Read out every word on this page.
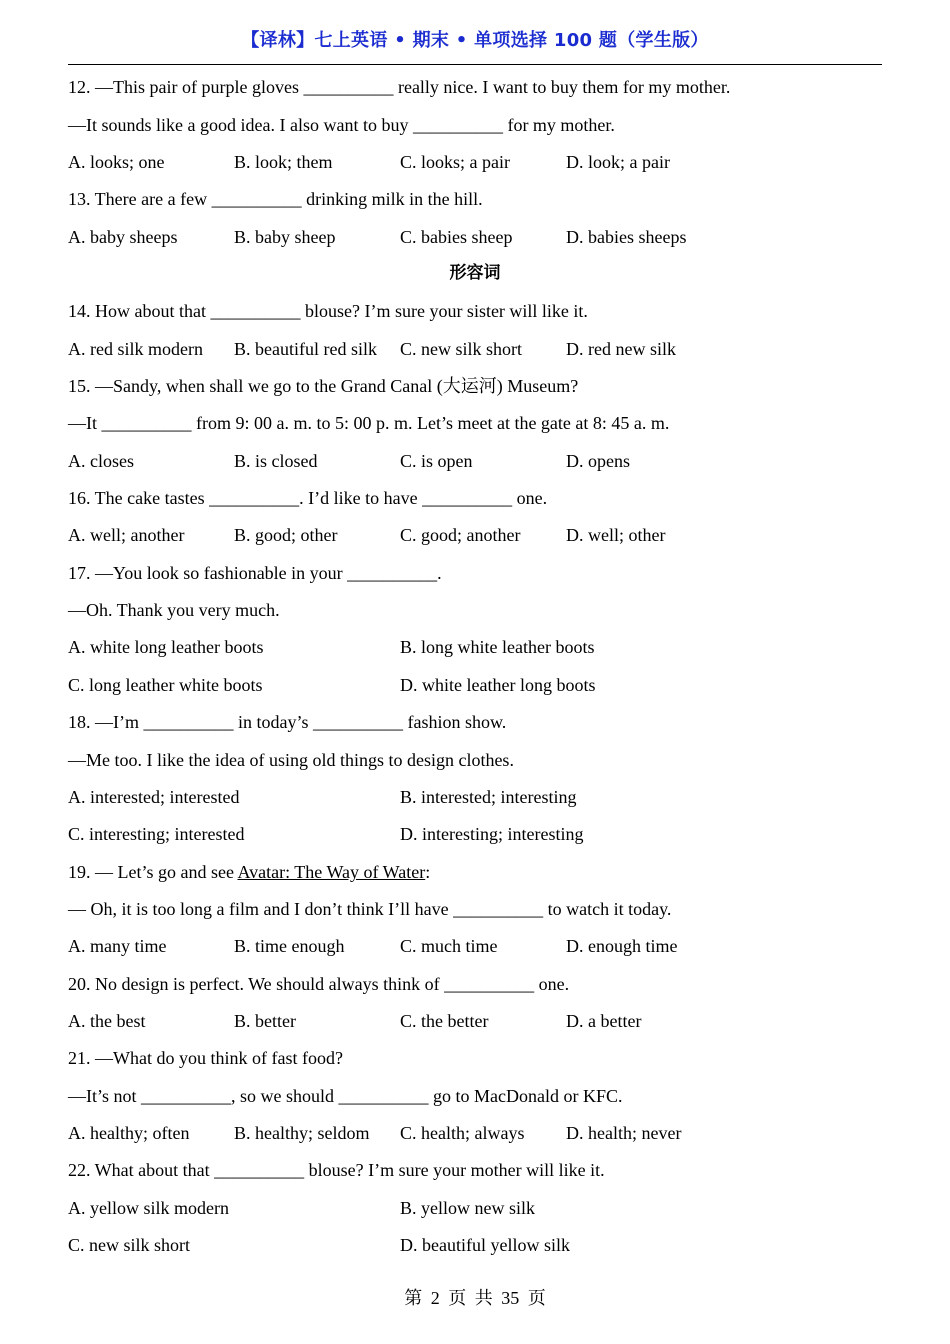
【译林】七上英语 • 期末 • 单项选择 100 题（学生版）
12. —This pair of purple gloves __________ really nice. I want to buy them for my mother.
—It sounds like a good idea. I also want to buy __________ for my mother.
A. looks; one	B. look; them	C. looks; a pair	D. look; a pair
13. There are a few __________ drinking milk in the hill.
A. baby sheeps	B. baby sheep	C. babies sheep	D. babies sheeps
形容词
14. How about that __________ blouse? I’m sure your sister will like it.
A. red silk modern B. beautiful red silk C. new silk short D. red new silk
15. —Sandy, when shall we go to the Grand Canal (大运河) Museum?
—It __________ from 9: 00 a. m. to 5: 00 p. m. Let’s meet at the gate at 8: 45 a. m.
A. closes	B. is closed	C. is open	D. opens
16. The cake tastes __________. I’d like to have __________ one.
A. well; another	B. good; other	C. good; another	D. well; other
17. —You look so fashionable in your __________.
—Oh. Thank you very much.
A. white long leather boots	B. long white leather boots
C. long leather white boots	D. white leather long boots
18. —I’m __________ in today’s __________ fashion show.
—Me too. I like the idea of using old things to design clothes.
A. interested; interested	B. interested; interesting
C. interesting; interested	D. interesting; interesting
19. — Let’s go and see Avatar: The Way of Water:
— Oh, it is too long a film and I don’t think I’ll have __________ to watch it today.
A. many time	B. time enough	C. much time	D. enough time
20. No design is perfect. We should always think of __________ one.
A. the best	B. better	C. the better	D. a better
21. —What do you think of fast food?
—It’s not __________, so we should __________ go to MacDonald or KFC.
A. healthy; often B. healthy; seldom C. health; always D. health; never
22. What about that __________ blouse? I’m sure your mother will like it.
A. yellow silk modern	B. yellow new silk
C. new silk short	D. beautiful yellow silk
第 2 页 共 35 页
